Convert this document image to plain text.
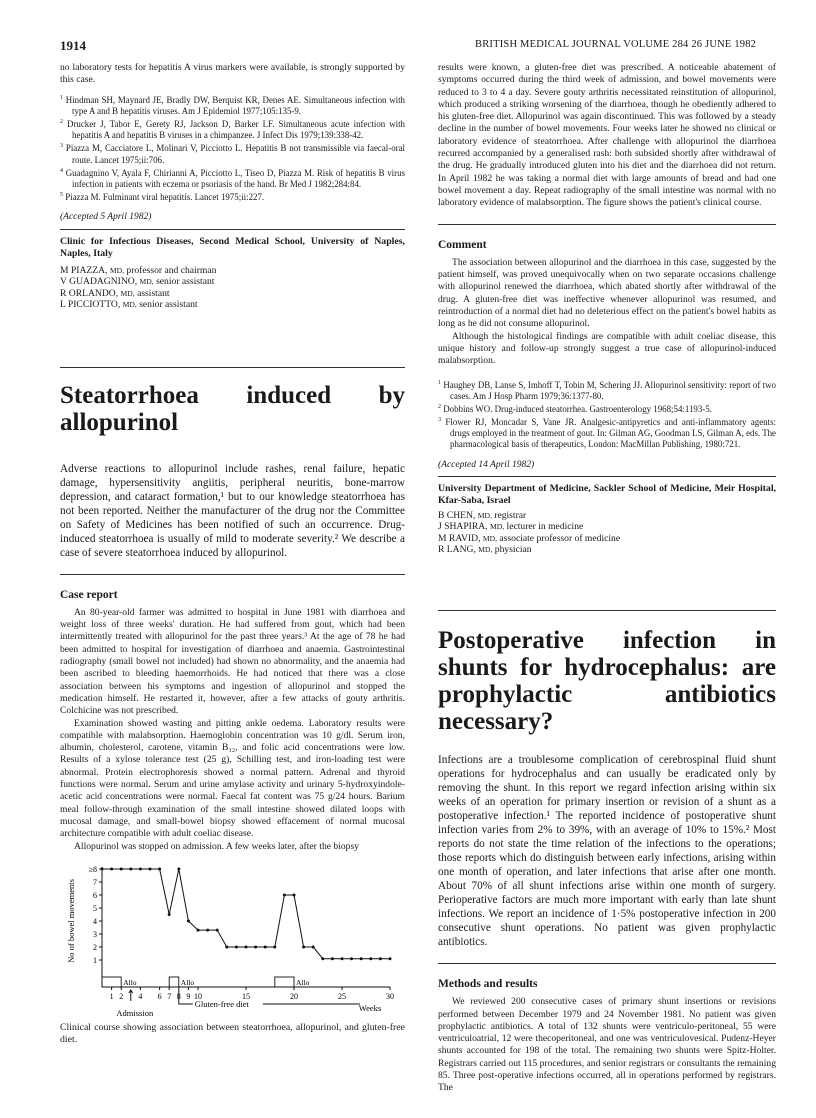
1914	BRITISH MEDICAL JOURNAL VOLUME 284 26 JUNE 1982

no laboratory tests for hepatitis A virus markers were available, is strongly supported by this case.

$^1$ Hindman SH, Maynard JE, Bradly DW, Berquist KR, Denes AE. Simultaneous infection with type A and B hepatitis viruses. Am J Epidemiol 1977;105:135-9.

$^2$ Drucker J, Tabor E, Gerety RJ, Jackson D, Barker LF. Simultaneous acute infection with hepatitis A and hepatitis B viruses in a chimpanzee. J Infect Dis 1979;139:338-42.

$^3$ Piazza M, Cacciatore L, Molinari V, Picciotto L. Hepatitis B not transmissible via faecal-oral route. Lancet 1975;ii:706.

$^4$ Guadagnino V, Ayala F, Chirianni A, Picciotto L, Tiseo D, Piazza M. Risk of hepatitis B virus infection in patients with eczema or psoriasis of the hand. Br Med J 1982;284:84.

$^5$ Piazza M. Fulminant viral hepatitis. Lancet 1975;ii:227.

(Accepted 5 April 1982)

Clinic for Infectious Diseases, Second Medical School, University of Naples, Naples, Italy

M PIAZZA, MD, professor and chairman

V GUADAGNINO, MD, senior assistant

R ORLANDO, MD, assistant

L PICCIOTTO, MD, senior assistant

Steatorrhoea induced by allopurinol

Adverse reactions to allopurinol include rashes, renal failure, hepatic damage, hypersensitivity angiitis, peripheral neuritis, bone-marrow depression, and cataract formation,¹ but to our knowledge steatorrhoea has not been reported. Neither the manufacturer of the drug nor the Committee on Safety of Medicines has been notified of such an occurrence. Drug-induced steatorrhoea is usually of mild to moderate severity.² We describe a case of severe steatorrhoea induced by allopurinol.

Case report

An 80-year-old farmer was admitted to hospital in June 1981 with diarrhoea and weight loss of three weeks' duration. He had suffered from gout, which had been intermittently treated with allopurinol for the past three years.³ At the age of 78 he had been admitted to hospital for investigation of diarrhoea and anaemia. Gastrointestinal radiography (small bowel not included) had shown no abnormality, and the anaemia had been ascribed to bleeding haemorrhoids. He had noticed that there was a close association between his symptoms and ingestion of allopurinol and stopped the medication himself. He restarted it, however, after a few attacks of gouty arthritis. Colchicine was not prescribed.

Examination showed wasting and pitting ankle oedema. Laboratory results were compatible with malabsorption. Haemoglobin concentration was 10 g/dl. Serum iron, albumin, cholesterol, carotene, vitamin B₁₂, and folic acid concentrations were low. Results of a xylose tolerance test (25 g), Schilling test, and iron-loading test were abnormal. Protein electrophoresis showed a normal pattern. Adrenal and thyroid functions were normal. Serum and urine amylase activity and urinary 5-hydroxyindole-acetic acid concentrations were normal. Faecal fat content was 75 g/24 hours. Barium meal follow-through examination of the small intestine showed dilated loops with mucosal damage, and small-bowel biopsy showed effacement of normal mucosal architecture compatible with adult coeliac disease.

Allopurinol was stopped on admission. A few weeks later, after the biopsy

1
2
3
4
5
6
7
≥8
No of bowel movements
Allo	Allo	Allo
1 2 4 6 7 8 9 10	15	20	25	30
Weeks
Admission
Gluten-free diet

Clinical course showing association between steatorrhoea, allopurinol, and gluten-free diet.

results were known, a gluten-free diet was prescribed. A noticeable abatement of symptoms occurred during the third week of admission, and bowel movements were reduced to 3 to 4 a day. Severe gouty arthritis necessitated reinstitution of allopurinol, which produced a striking worsening of the diarrhoea, though he obediently adhered to his gluten-free diet. Allopurinol was again discontinued. This was followed by a steady decline in the number of bowel movements. Four weeks later he showed no clinical or laboratory evidence of steatorrhoea. After challenge with allopurinol the diarrhoea recurred accompanied by a generalised rash: both subsided shortly after withdrawal of the drug. He gradually introduced gluten into his diet and the diarrhoea did not return. In April 1982 he was taking a normal diet with large amounts of bread and had one bowel movement a day. Repeat radiography of the small intestine was normal with no laboratory evidence of malabsorption. The figure shows the patient's clinical course.

Comment

The association between allopurinol and the diarrhoea in this case, suggested by the patient himself, was proved unequivocally when on two separate occasions challenge with allopurinol renewed the diarrhoea, which abated shortly after withdrawal of the drug. A gluten-free diet was ineffective whenever allopurinol was resumed, and reintroduction of a normal diet had no deleterious effect on the patient's bowel habits as long as he did not consume allopurinol.

Although the histological findings are compatible with adult coeliac disease, this unique history and follow-up strongly suggest a true case of allopurinol-induced malabsorption.

$^1$ Haughey DB, Lanse S, Imhoff T, Tobin M, Schering JJ. Allopurinol sensitivity: report of two cases. Am J Hosp Pharm 1979;36:1377-80.

$^2$ Dobbins WO. Drug-induced steatorrhea. Gastroenterology 1968;54:1193-5.

$^3$ Flower RJ, Moncadar S, Vane JR. Analgesic-antipyretics and anti-inflammatory agents: drugs employed in the treatment of gout. In: Gilman AG, Goodman LS, Gilman A, eds. The pharmacological basis of therapeutics, London: MacMillan Publishing, 1980:721.

(Accepted 14 April 1982)

University Department of Medicine, Sackler School of Medicine, Meir Hospital, Kfar-Saba, Israel

B CHEN, MD, registrar

J SHAPIRA, MD, lecturer in medicine

M RAVID, MD, associate professor of medicine

R LANG, MD, physician

Postoperative infection in shunts for hydrocephalus: are prophylactic antibiotics necessary?

Infections are a troublesome complication of cerebrospinal fluid shunt operations for hydrocephalus and can usually be eradicated only by removing the shunt. In this report we regard infection arising within six weeks of an operation for primary insertion or revision of a shunt as a postoperative infection.¹ The reported incidence of postoperative shunt infection varies from 2% to 39%, with an average of 10% to 15%.² Most reports do not state the time relation of the infections to the operations; those reports which do distinguish between early infections, arising within one month of operation, and later infections that arise after one month. About 70% of all shunt infections arise within one month of surgery. Perioperative factors are much more important with early than late shunt infections. We report an incidence of 1·5% postoperative infection in 200 consecutive shunt operations. No patient was given prophylactic antibiotics.

Methods and results

We reviewed 200 consecutive cases of primary shunt insertions or revisions performed between December 1979 and 24 November 1981. No patient was given prophylactic antibiotics. A total of 132 shunts were ventriculo-peritoneal, 55 were ventriculoatrial, 12 were thecoperitoneal, and one was ventriculovesical. Pudenz-Heyer shunts accounted for 198 of the total. The remaining two shunts were Spitz-Holter. Registrars carried out 115 procedures, and senior registrars or consultants the remaining 85. Three post-operative infections occurred, all in operations performed by registrars. The
